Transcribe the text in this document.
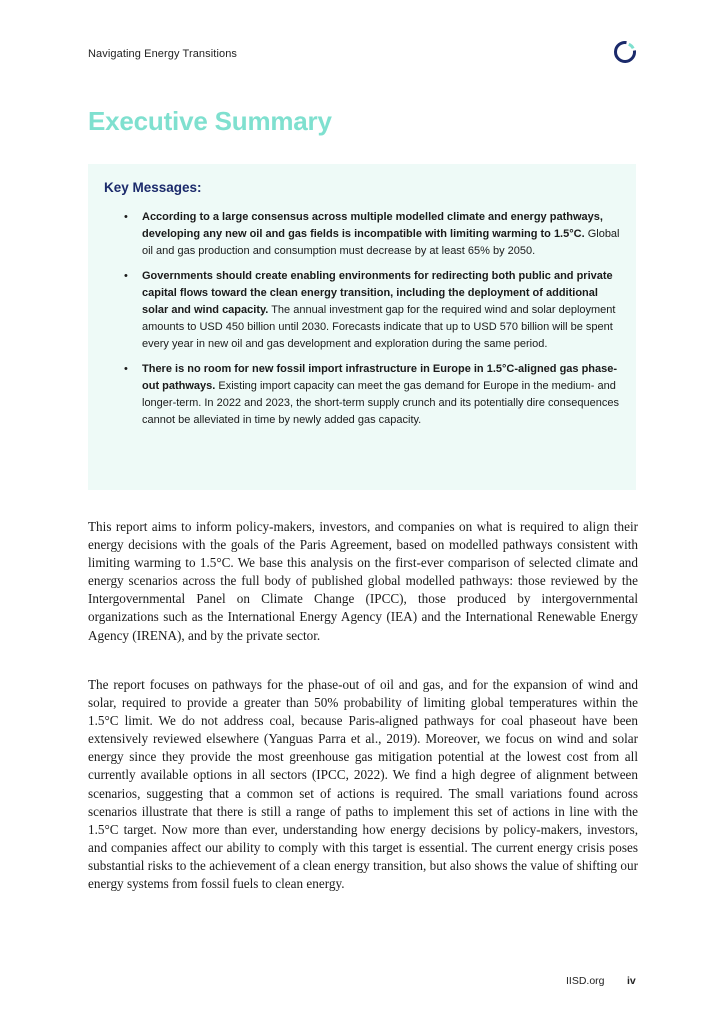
Navigating Energy Transitions
Executive Summary
Key Messages:
• According to a large consensus across multiple modelled climate and energy pathways, developing any new oil and gas fields is incompatible with limiting warming to 1.5°C. Global oil and gas production and consumption must decrease by at least 65% by 2050.
• Governments should create enabling environments for redirecting both public and private capital flows toward the clean energy transition, including the deployment of additional solar and wind capacity. The annual investment gap for the required wind and solar deployment amounts to USD 450 billion until 2030. Forecasts indicate that up to USD 570 billion will be spent every year in new oil and gas development and exploration during the same period.
• There is no room for new fossil import infrastructure in Europe in 1.5°C-aligned gas phase-out pathways. Existing import capacity can meet the gas demand for Europe in the medium- and longer-term. In 2022 and 2023, the short-term supply crunch and its potentially dire consequences cannot be alleviated in time by newly added gas capacity.

This report aims to inform policy-makers, investors, and companies on what is required to align their energy decisions with the goals of the Paris Agreement, based on modelled pathways consistent with limiting warming to 1.5°C. We base this analysis on the first-ever comparison of selected climate and energy scenarios across the full body of published global modelled pathways: those reviewed by the Intergovernmental Panel on Climate Change (IPCC), those produced by intergovernmental organizations such as the International Energy Agency (IEA) and the International Renewable Energy Agency (IRENA), and by the private sector.

The report focuses on pathways for the phase-out of oil and gas, and for the expansion of wind and solar, required to provide a greater than 50% probability of limiting global temperatures within the 1.5°C limit. We do not address coal, because Paris-aligned pathways for coal phaseout have been extensively reviewed elsewhere (Yanguas Parra et al., 2019). Moreover, we focus on wind and solar energy since they provide the most greenhouse gas mitigation potential at the lowest cost from all currently available options in all sectors (IPCC, 2022). We find a high degree of alignment between scenarios, suggesting that a common set of actions is required. The small variations found across scenarios illustrate that there is still a range of paths to implement this set of actions in line with the 1.5°C target. Now more than ever, understanding how energy decisions by policy-makers, investors, and companies affect our ability to comply with this target is essential. The current energy crisis poses substantial risks to the achievement of a clean energy transition, but also shows the value of shifting our energy systems from fossil fuels to clean energy.

IISD.org iv
